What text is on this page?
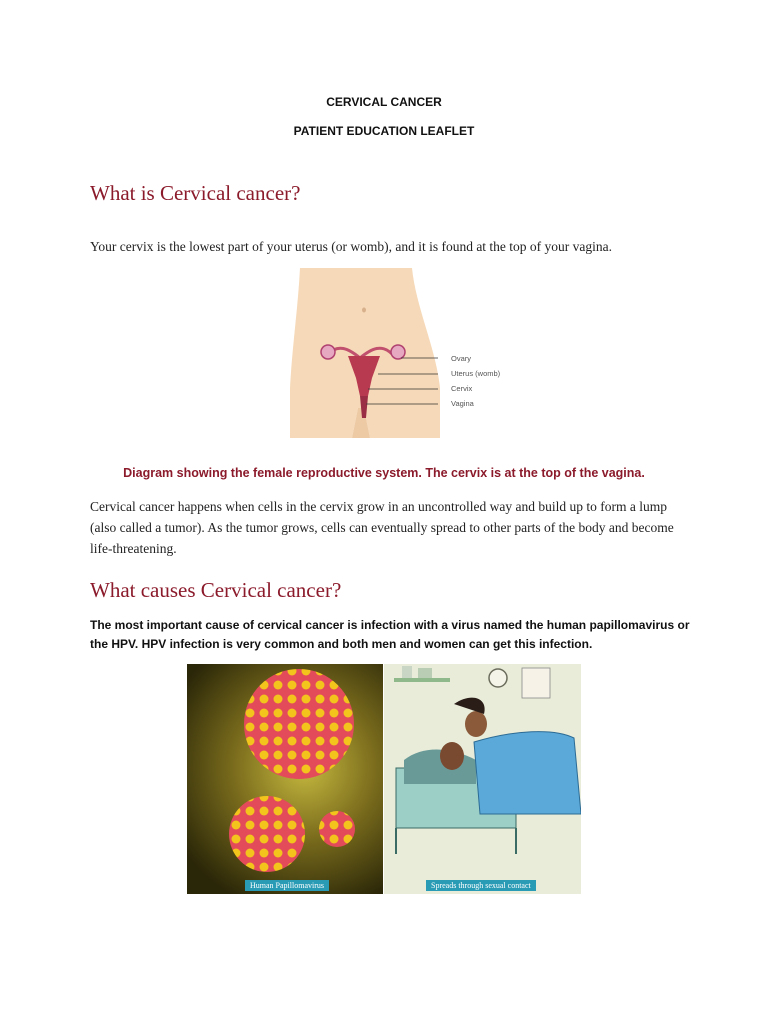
CERVICAL CANCER
PATIENT EDUCATION LEAFLET
What is Cervical cancer?
Your cervix is the lowest part of your uterus (or womb), and it is found at the top of your vagina.
Ovary
Uterus (womb)
Cervix
Vagina
Diagram showing the female reproductive system. The cervix is at the top of the vagina.
Cervical cancer happens when cells in the cervix grow in an uncontrolled way and build up to form a lump (also called a tumor). As the tumor grows, cells can eventually spread to other parts of the body and become life-threatening.
What causes Cervical cancer?
The most important cause of cervical cancer is infection with a virus named the human papillomavirus or the HPV. HPV infection is very common and both men and women can get this infection.
Human Papillomavirus	Spreads through sexual contact
